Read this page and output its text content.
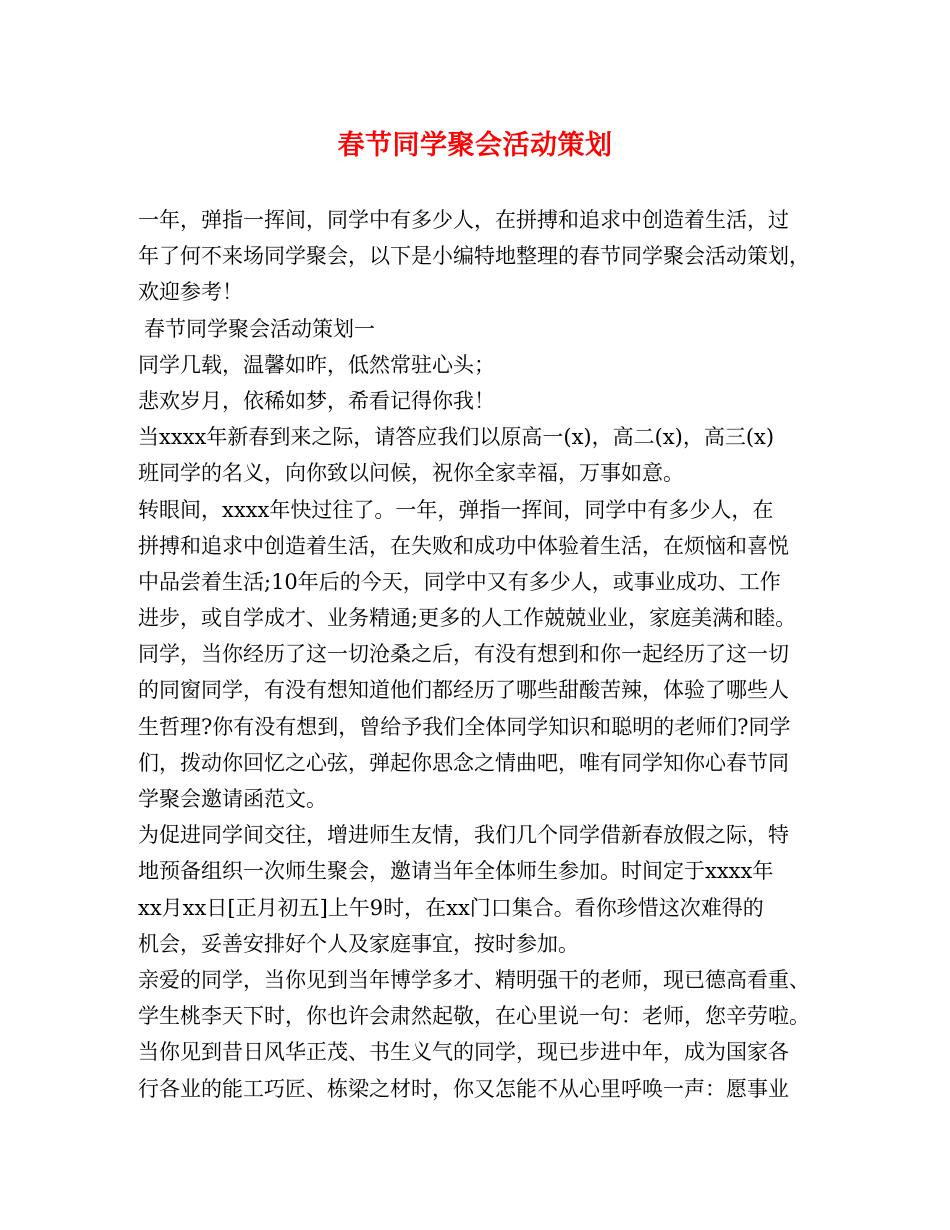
春节同学聚会活动策划
一年，弹指一挥间，同学中有多少人，在拼搏和追求中创造着生活，过
年了何不来场同学聚会，以下是小编特地整理的春节同学聚会活动策划，
欢迎参考！
春节同学聚会活动策划一
同学几载，温馨如昨，低然常驻心头；
悲欢岁月，依稀如梦，希看记得你我！
当xxxx年新春到来之际，请答应我们以原高一(x)，高二(x)，高三(x)
班同学的名义，向你致以问候，祝你全家幸福，万事如意。
转眼间，xxxx年快过往了。一年，弹指一挥间，同学中有多少人，在
拼搏和追求中创造着生活，在失败和成功中体验着生活，在烦恼和喜悦
中品尝着生活;10年后的今天，同学中又有多少人，或事业成功、工作
进步，或自学成才、业务精通;更多的人工作兢兢业业，家庭美满和睦。
同学，当你经历了这一切沧桑之后，有没有想到和你一起经历了这一切
的同窗同学，有没有想知道他们都经历了哪些甜酸苦辣，体验了哪些人
生哲理?你有没有想到，曾给予我们全体同学知识和聪明的老师们?同学
们，拨动你回忆之心弦，弹起你思念之情曲吧，唯有同学知你心春节同
学聚会邀请函范文。
为促进同学间交往，增进师生友情，我们几个同学借新春放假之际，特
地预备组织一次师生聚会，邀请当年全体师生参加。时间定于xxxx年
xx月xx日[正月初五]上午9时，在xx门口集合。看你珍惜这次难得的
机会，妥善安排好个人及家庭事宜，按时参加。
亲爱的同学，当你见到当年博学多才、精明强干的老师，现已德高看重、
学生桃李天下时，你也许会肃然起敬，在心里说一句：老师，您辛劳啦。
当你见到昔日风华正茂、书生义气的同学，现已步进中年，成为国家各
行各业的能工巧匠、栋梁之材时，你又怎能不从心里呼唤一声：愿事业
